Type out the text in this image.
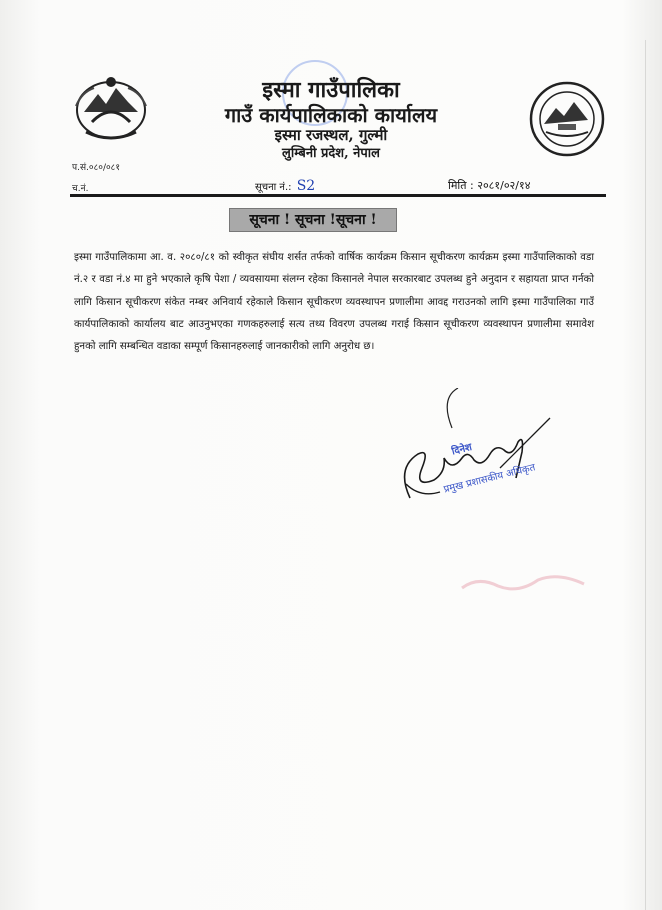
इस्मा गाउँपालिका
गाउँ कार्यपालिकाको कार्यालय
इस्मा रजस्थल, गुल्मी
लुम्बिनी प्रदेश, नेपाल
प.सं.०८०/०८१
च.नं.	सूचना नं.: S2	मिति : २०८१/०२/१४
सूचना ! सूचना !सूचना !
इस्मा गाउँपालिकामा आ. व. २०८०/८१ को स्वीकृत संघीय शर्सत तर्फको वार्षिक कार्यक्रम किसान सूचीकरण कार्यक्रम इस्मा गाउँपालिकाको वडा नं.२ र वडा नं.४ मा हुने भएकाले कृषि पेशा / व्यवसायमा संलग्न रहेका किसानले नेपाल सरकारबाट उपलब्ध हुने अनुदान र सहायता प्राप्त गर्नको लागि किसान सूचीकरण संकेत नम्बर अनिवार्य रहेकाले किसान सूचीकरण व्यवस्थापन प्रणालीमा आवद्द गराउनको लागि इस्मा गाउँपालिका गाउँ कार्यपालिकाको कार्यालय बाट आउनुभएका गणकहरुलाई सत्य तथ्य विवरण उपलब्ध गराई किसान सूचीकरण व्यवस्थापन प्रणालीमा समावेश हुनको लागि सम्बन्धित वडाका सम्पूर्ण किसानहरुलाई जानकारीको लागि अनुरोध छ।
दिनेश
प्रमुख प्रशासकीय अधिकृत
